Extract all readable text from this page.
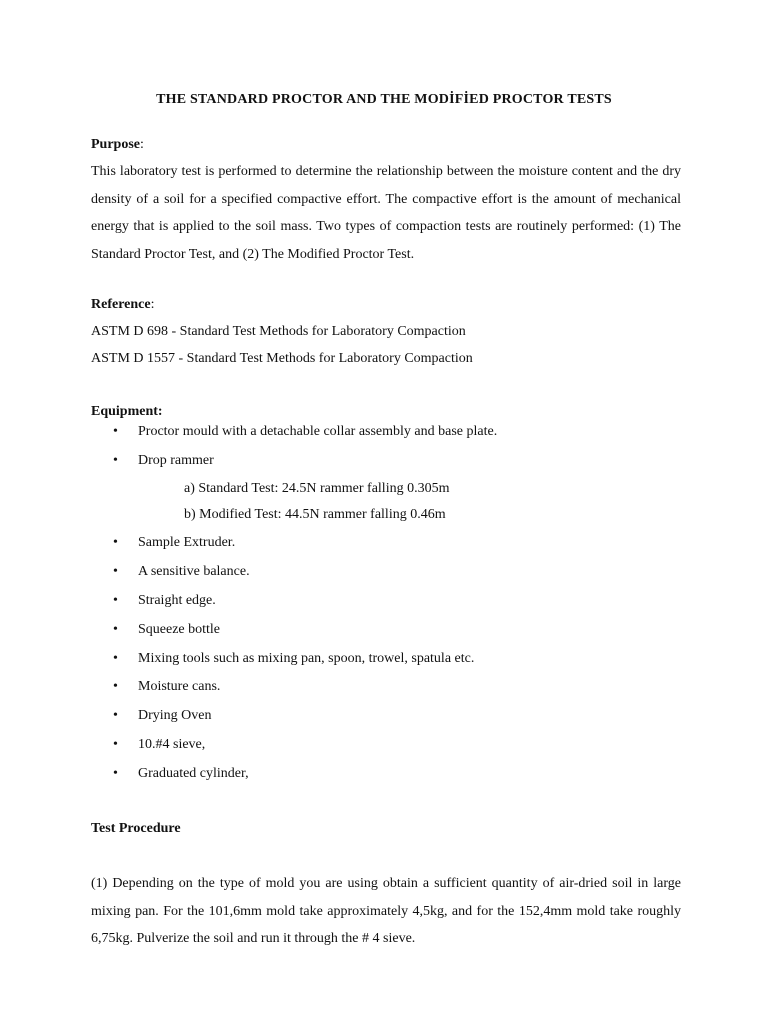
THE STANDARD PROCTOR AND THE MODİFİED PROCTOR TESTS
Purpose:
This laboratory test is performed to determine the relationship between the moisture content and the dry density of a soil for a specified compactive effort. The compactive effort is the amount of mechanical energy that is applied to the soil mass. Two types of compaction tests are routinely performed: (1) The Standard Proctor Test, and (2) The Modified Proctor Test.
Reference:
ASTM D 698 - Standard Test Methods for Laboratory Compaction
ASTM D 1557 - Standard Test Methods for Laboratory Compaction
Equipment:
• Proctor mould with a detachable collar assembly and base plate.
• Drop rammer
a) Standard Test: 24.5N rammer falling 0.305m
b) Modified Test: 44.5N rammer falling 0.46m
• Sample Extruder.
• A sensitive balance.
• Straight edge.
• Squeeze bottle
• Mixing tools such as mixing pan, spoon, trowel, spatula etc.
• Moisture cans.
• Drying Oven
• 10.#4 sieve,
• Graduated cylinder,
Test Procedure
(1) Depending on the type of mold you are using obtain a sufficient quantity of air-dried soil in large mixing pan. For the 101,6mm mold take approximately 4,5kg, and for the 152,4mm mold take roughly 6,75kg. Pulverize the soil and run it through the # 4 sieve.
